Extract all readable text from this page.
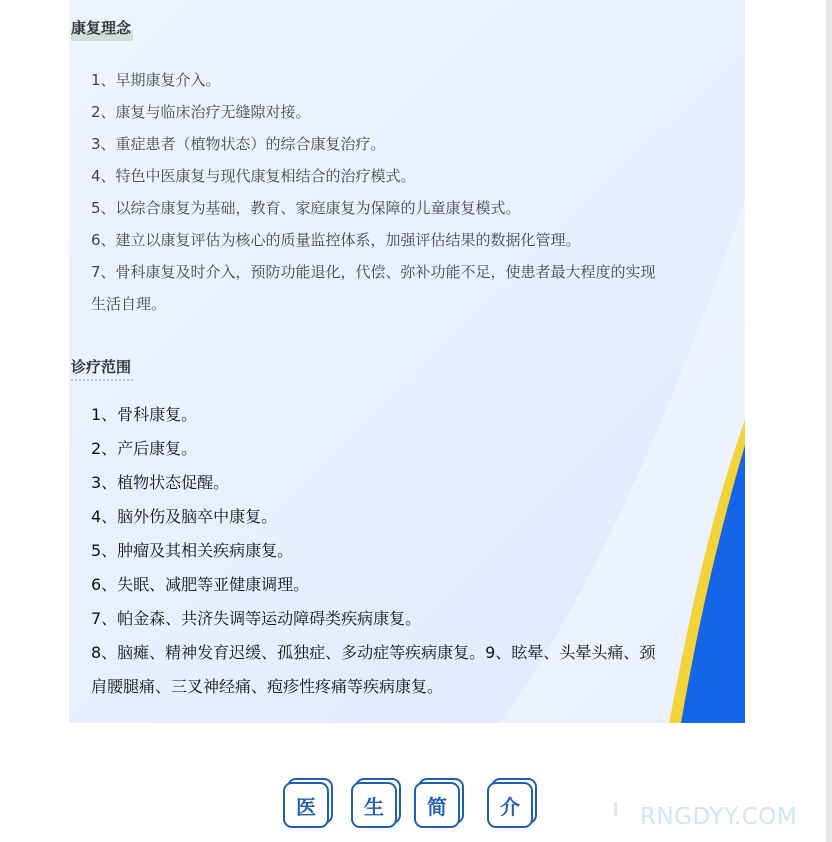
康复理念
1、早期康复介入。
2、康复与临床治疗无缝隙对接。
3、重症患者（植物状态）的综合康复治疗。
4、特色中医康复与现代康复相结合的治疗模式。
5、以综合康复为基础，教育、家庭康复为保障的儿童康复模式。
6、建立以康复评估为核心的质量监控体系，加强评估结果的数据化管理。
7、骨科康复及时介入，预防功能退化，代偿、弥补功能不足，使患者最大程度的实现
生活自理。
诊疗范围
1、骨科康复。
2、产后康复。
3、植物状态促醒。
4、脑外伤及脑卒中康复。
5、肿瘤及其相关疾病康复。
6、失眠、减肥等亚健康调理。
7、帕金森、共济失调等运动障碍类疾病康复。
8、脑瘫、精神发育迟缓、孤独症、多动症等疾病康复。9、眩晕、头晕头痛、颈
肩腰腿痛、三叉神经痛、疱疹性疼痛等疾病康复。
医	生	简	介	RNGDYY.COM
